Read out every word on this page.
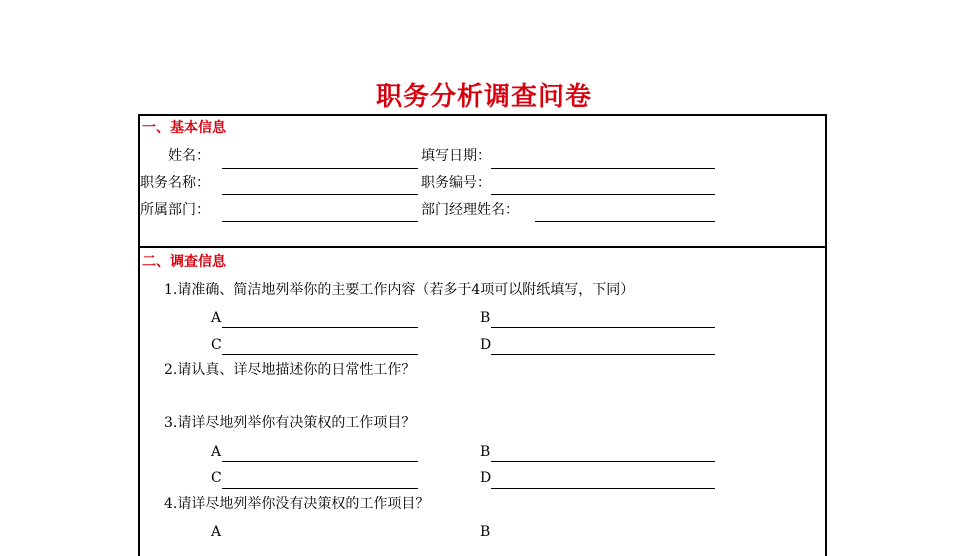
职务分析调查问卷
一、基本信息
姓名：	填写日期：
职务名称：	职务编号：
所属部门：	部门经理姓名：
二、调查信息
1.请准确、简洁地列举你的主要工作内容（若多于4项可以附纸填写，下同）
A	B
C	D
2.请认真、详尽地描述你的日常性工作？
3.请详尽地列举你有决策权的工作项目？
A	B
C	D
4.请详尽地列举你没有决策权的工作项目？
A	B
